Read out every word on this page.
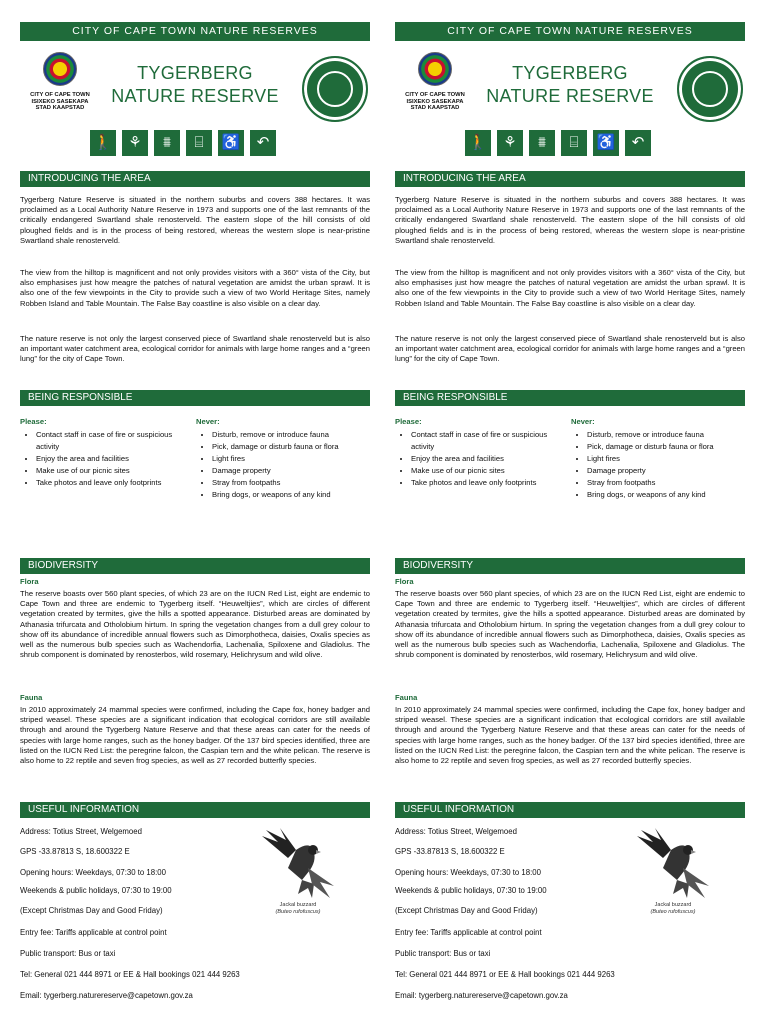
CITY OF CAPE TOWN NATURE RESERVES
CITY OF CAPE TOWN
ISIXEKO SASEKAPA
STAD KAAPSTAD
TYGERBERG
NATURE RESERVE
🚶	⚘	⩩	⌸	♿	↶
INTRODUCING THE AREA

Tygerberg Nature Reserve is situated in the northern suburbs and covers 388 hectares. It was proclaimed as a Local Authority Nature Reserve in 1973 and supports one of the last remnants of the critically endangered Swartland shale renosterveld. The eastern slope of the hill consists of old ploughed fields and is in the process of being restored, whereas the western slope is near-pristine Swartland shale renosterveld.

The view from the hilltop is magnificent and not only provides visitors with a 360° vista of the City, but also emphasises just how meagre the patches of natural vegetation are amidst the urban sprawl. It is also one of the few viewpoints in the City to provide such a view of two World Heritage Sites, namely Robben Island and Table Mountain. The False Bay coastline is also visible on a clear day.

The nature reserve is not only the largest conserved piece of Swartland shale renosterveld but is also an important water catchment area, ecological corridor for animals with large home ranges and a “green lung” for the city of Cape Town.

BEING RESPONSIBLE
Please:
• Contact staff in case of fire or suspicious activity
• Enjoy the area and facilities
• Make use of our picnic sites
• Take photos and leave only footprints
Never:
• Disturb, remove or introduce fauna
• Pick, damage or disturb fauna or flora
• Light fires
• Damage property
• Stray from footpaths
• Bring dogs, or weapons of any kind
BIODIVERSITY
Flora

The reserve boasts over 560 plant species, of which 23 are on the IUCN Red List, eight are endemic to Cape Town and three are endemic to Tygerberg itself. “Heuweltjies”, which are circles of different vegetation created by termites, give the hills a spotted appearance. Disturbed areas are dominated by Athanasia trifurcata and Otholobium hirtum. In spring the vegetation changes from a dull grey colour to show off its abundance of incredible annual flowers such as Dimorphotheca, daisies, Oxalis species as well as the numerous bulb species such as Wachendorfia, Lachenalia, Spiloxene and Gladiolus. The shrub component is dominated by renosterbos, wild rosemary, Helichrysum and wild olive.

Fauna

In 2010 approximately 24 mammal species were confirmed, including the Cape fox, honey badger and striped weasel. These species are a significant indication that ecological corridors are still available through and around the Tygerberg Nature Reserve and that these areas can cater for the needs of species with large home ranges, such as the honey badger. Of the 137 bird species identified, three are listed on the IUCN Red List: the peregrine falcon, the Caspian tern and the white pelican. The reserve is also home to 22 reptile and seven frog species, as well as 27 recorded butterfly species.

USEFUL INFORMATION
Address: Totius Street, Welgemoed
GPS -33.87813 S, 18.600322 E
Opening hours: Weekdays, 07:30 to 18:00
Weekends & public holidays, 07:30 to 19:00
(Except Christmas Day and Good Friday)
Entry fee: Tariffs applicable at control point
Public transport: Bus or taxi
Tel: General 021 444 8971 or EE & Hall bookings 021 444 9263
Email: tygerberg.naturereserve@capetown.gov.za
Jackal buzzard
(Buteo rufofuscus)
CITY OF CAPE TOWN NATURE RESERVES
CITY OF CAPE TOWN
ISIXEKO SASEKAPA
STAD KAAPSTAD
TYGERBERG
NATURE RESERVE
🚶	⚘	⩩	⌸	♿	↶
INTRODUCING THE AREA

Tygerberg Nature Reserve is situated in the northern suburbs and covers 388 hectares. It was proclaimed as a Local Authority Nature Reserve in 1973 and supports one of the last remnants of the critically endangered Swartland shale renosterveld. The eastern slope of the hill consists of old ploughed fields and is in the process of being restored, whereas the western slope is near-pristine Swartland shale renosterveld.

The view from the hilltop is magnificent and not only provides visitors with a 360° vista of the City, but also emphasises just how meagre the patches of natural vegetation are amidst the urban sprawl. It is also one of the few viewpoints in the City to provide such a view of two World Heritage Sites, namely Robben Island and Table Mountain. The False Bay coastline is also visible on a clear day.

The nature reserve is not only the largest conserved piece of Swartland shale renosterveld but is also an important water catchment area, ecological corridor for animals with large home ranges and a “green lung” for the city of Cape Town.

BEING RESPONSIBLE
Please:
• Contact staff in case of fire or suspicious activity
• Enjoy the area and facilities
• Make use of our picnic sites
• Take photos and leave only footprints
Never:
• Disturb, remove or introduce fauna
• Pick, damage or disturb fauna or flora
• Light fires
• Damage property
• Stray from footpaths
• Bring dogs, or weapons of any kind
BIODIVERSITY
Flora

The reserve boasts over 560 plant species, of which 23 are on the IUCN Red List, eight are endemic to Cape Town and three are endemic to Tygerberg itself. “Heuweltjies”, which are circles of different vegetation created by termites, give the hills a spotted appearance. Disturbed areas are dominated by Athanasia trifurcata and Otholobium hirtum. In spring the vegetation changes from a dull grey colour to show off its abundance of incredible annual flowers such as Dimorphotheca, daisies, Oxalis species as well as the numerous bulb species such as Wachendorfia, Lachenalia, Spiloxene and Gladiolus. The shrub component is dominated by renosterbos, wild rosemary, Helichrysum and wild olive.

Fauna

In 2010 approximately 24 mammal species were confirmed, including the Cape fox, honey badger and striped weasel. These species are a significant indication that ecological corridors are still available through and around the Tygerberg Nature Reserve and that these areas can cater for the needs of species with large home ranges, such as the honey badger. Of the 137 bird species identified, three are listed on the IUCN Red List: the peregrine falcon, the Caspian tern and the white pelican. The reserve is also home to 22 reptile and seven frog species, as well as 27 recorded butterfly species.

USEFUL INFORMATION
Address: Totius Street, Welgemoed
GPS -33.87813 S, 18.600322 E
Opening hours: Weekdays, 07:30 to 18:00
Weekends & public holidays, 07:30 to 19:00
(Except Christmas Day and Good Friday)
Entry fee: Tariffs applicable at control point
Public transport: Bus or taxi
Tel: General 021 444 8971 or EE & Hall bookings 021 444 9263
Email: tygerberg.naturereserve@capetown.gov.za
Jackal buzzard
(Buteo rufofuscus)
